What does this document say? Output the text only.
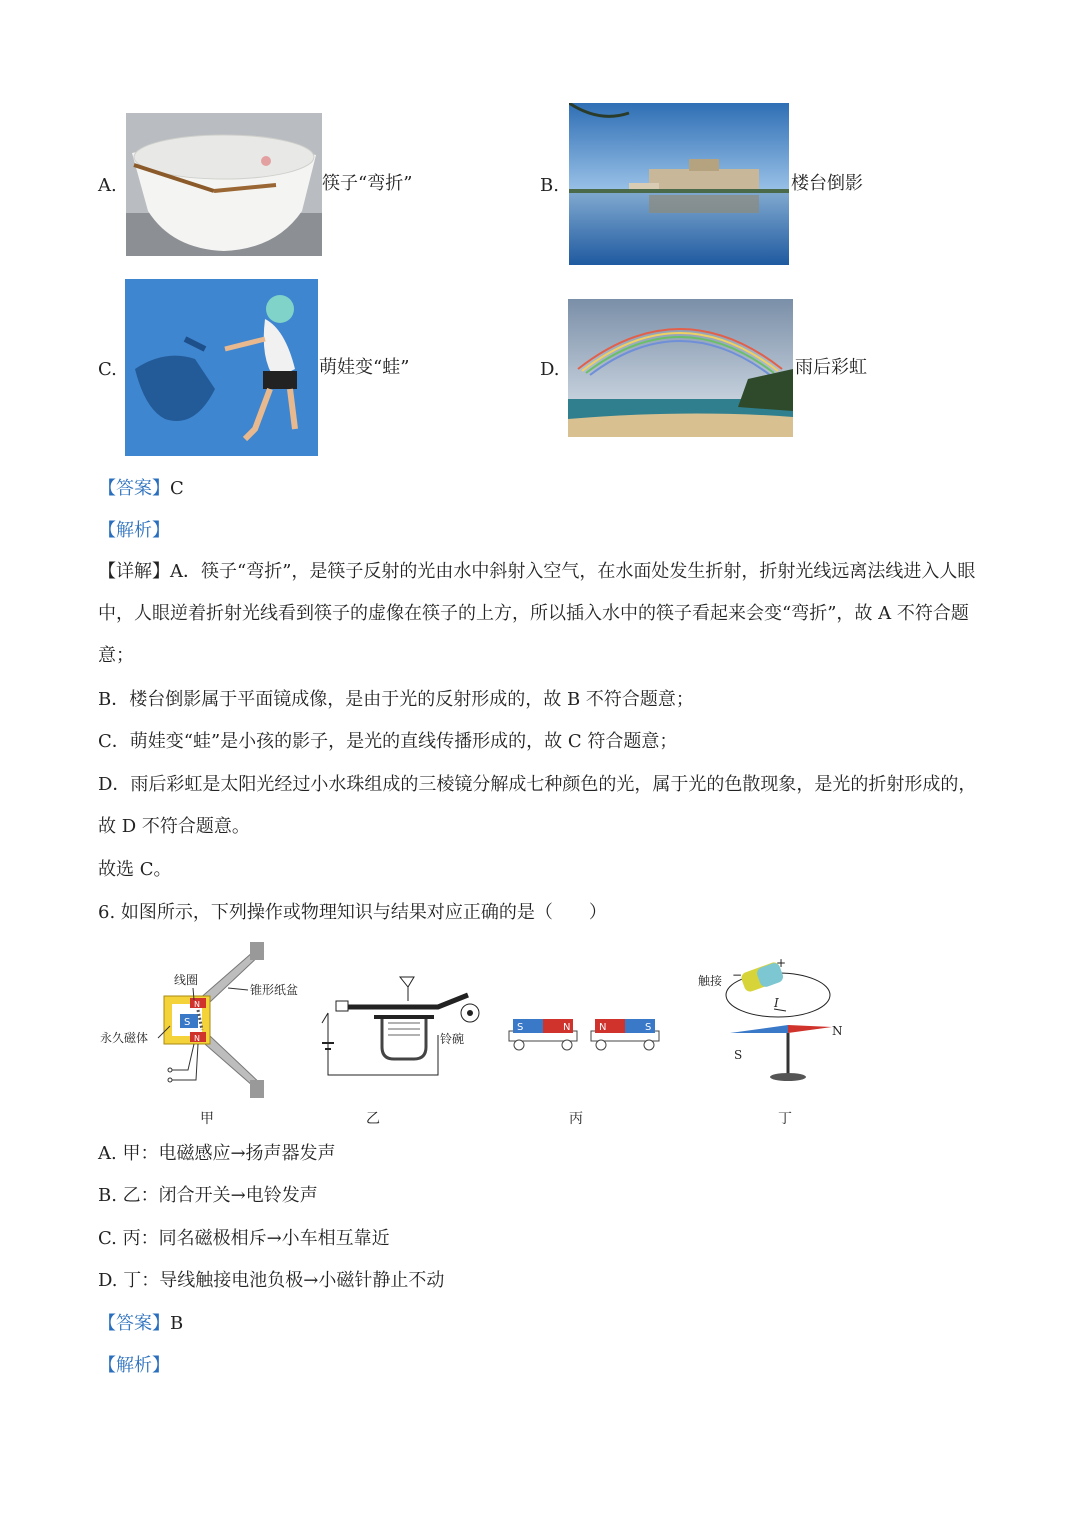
A.	筷子“弯折”	B.	楼台倒影
C.	萌娃变“蛙”	D.	雨后彩虹
【答案】C
【解析】
【详解】A．筷子“弯折”，是筷子反射的光由水中斜射入空气，在水面处发生折射，折射光线远离法线进入人眼中，人眼逆着折射光线看到筷子的虚像在筷子的上方，所以插入水中的筷子看起来会变“弯折”，故 A 不符合题意；
B．楼台倒影属于平面镜成像，是由于光的反射形成的，故 B 不符合题意；
C．萌娃变“蛙”是小孩的影子，是光的直线传播形成的，故 C 符合题意；
D．雨后彩虹是太阳光经过小水珠组成的三棱镜分解成七种颜色的光，属于光的色散现象，是光的折射形成的，故 D 不符合题意。
故选 C。
6. 如图所示，下列操作或物理知识与结果对应正确的是（　　）
线圈
锥形纸盆
永久磁体
N
S
N
甲
铃碗
乙
S	N	N	S
丙
触接 −
+
I
N
S
丁
A. 甲：电磁感应→扬声器发声
B. 乙：闭合开关→电铃发声
C. 丙：同名磁极相斥→小车相互靠近
D. 丁：导线触接电池负极→小磁针静止不动
【答案】B
【解析】
